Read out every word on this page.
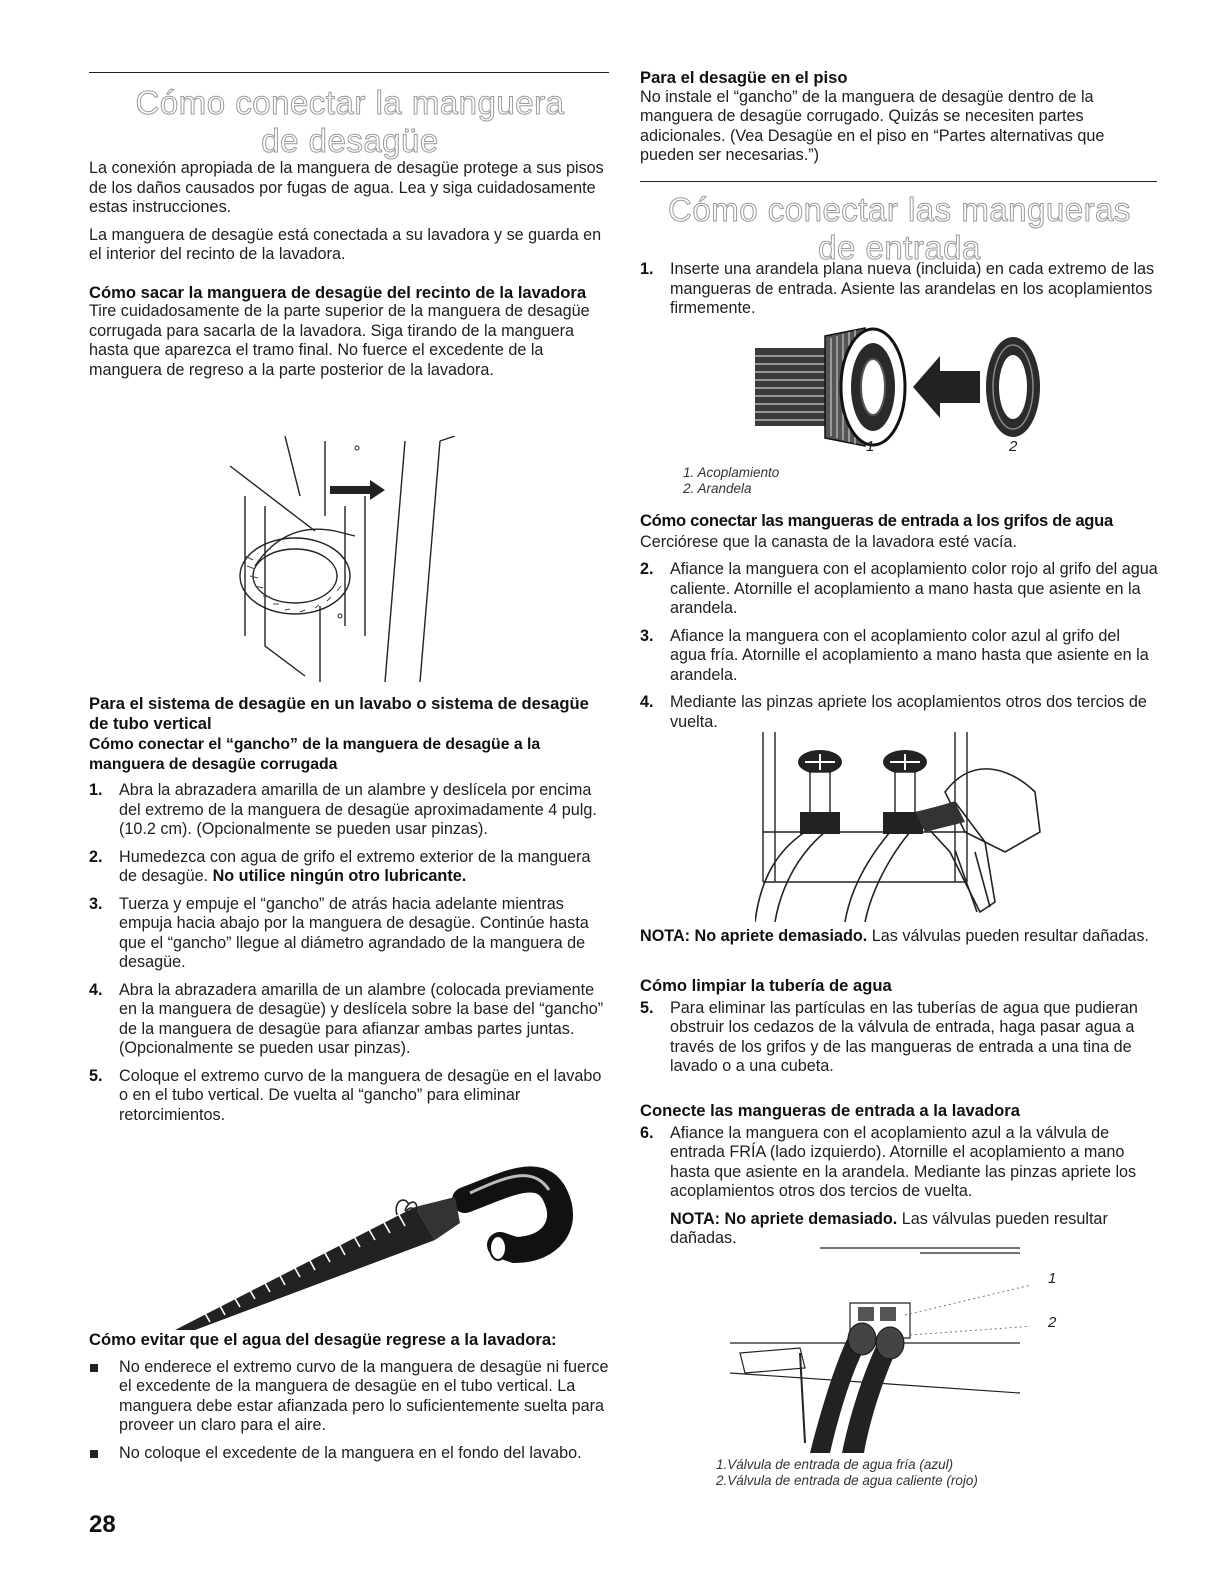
Cómo conectar la manguera
de desagüe

La conexión apropiada de la manguera de desagüe protege a sus pisos de los daños causados por fugas de agua. Lea y siga cuidadosamente estas instrucciones.

La manguera de desagüe está conectada a su lavadora y se guarda en el interior del recinto de la lavadora.

Cómo sacar la manguera de desagüe del recinto de la lavadora

Tire cuidadosamente de la parte superior de la manguera de desagüe corrugada para sacarla de la lavadora. Siga tirando de la manguera hasta que aparezca el tramo final. No fuerce el excedente de la manguera de regreso a la parte posterior de la lavadora.

Para el sistema de desagüe en un lavabo o sistema de desagüe de tubo vertical
Cómo conectar el “gancho” de la manguera de desagüe a la manguera de desagüe corrugada
1. Abra la abrazadera amarilla de un alambre y deslícela por encima del extremo de la manguera de desagüe aproximadamente 4 pulg. (10.2 cm). (Opcionalmente se pueden usar pinzas).
2. Humedezca con agua de grifo el extremo exterior de la manguera de desagüe. No utilice ningún otro lubricante.
3. Tuerza y empuje el “gancho” de atrás hacia adelante mientras empuja hacia abajo por la manguera de desagüe. Continúe hasta que el “gancho” llegue al diámetro agrandado de la manguera de desagüe.
4. Abra la abrazadera amarilla de un alambre (colocada previamente en la manguera de desagüe) y deslícela sobre la base del “gancho” de la manguera de desagüe para afianzar ambas partes juntas. (Opcionalmente se pueden usar pinzas).
5. Coloque el extremo curvo de la manguera de desagüe en el lavabo o en el tubo vertical. De vuelta al “gancho” para eliminar retorcimientos.
Cómo evitar que el agua del desagüe regrese a la lavadora:
No enderece el extremo curvo de la manguera de desagüe ni fuerce el excedente de la manguera de desagüe en el tubo vertical. La manguera debe estar afianzada pero lo suficientemente suelta para proveer un claro para el aire.
No coloque el excedente de la manguera en el fondo del lavabo.
28
Para el desagüe en el piso

No instale el “gancho” de la manguera de desagüe dentro de la manguera de desagüe corrugado. Quizás se necesiten partes adicionales. (Vea Desagüe en el piso en “Partes alternativas que pueden ser necesarias.”)

Cómo conectar las mangueras
de entrada
1. Inserte una arandela plana nueva (incluida) en cada extremo de las mangueras de entrada. Asiente las arandelas en los acoplamientos firmemente.
1	2

1. Acoplamiento

2. Arandela

Cómo conectar las mangueras de entrada a los grifos de agua

Cerciórese que la canasta de la lavadora esté vacía.

2. Afiance la manguera con el acoplamiento color rojo al grifo del agua caliente. Atornille el acoplamiento a mano hasta que asiente en la arandela.
3. Afiance la manguera con el acoplamiento color azul al grifo del agua fría. Atornille el acoplamiento a mano hasta que asiente en la arandela.
4. Mediante las pinzas apriete los acoplamientos otros dos tercios de vuelta.

NOTA: No apriete demasiado. Las válvulas pueden resultar dañadas.

Cómo limpiar la tubería de agua
5. Para eliminar las partículas en las tuberías de agua que pudieran obstruir los cedazos de la válvula de entrada, haga pasar agua a través de los grifos y de las mangueras de entrada a una tina de lavado o a una cubeta.
Conecte las mangueras de entrada a la lavadora
6. Afiance la manguera con el acoplamiento azul a la válvula de entrada FRÍA (lado izquierdo). Atornille el acoplamiento a mano hasta que asiente en la arandela. Mediante las pinzas apriete los acoplamientos otros dos tercios de vuelta.

NOTA: No apriete demasiado. Las válvulas pueden resultar dañadas.

1
2

1.Válvula de entrada de agua fría (azul)

2.Válvula de entrada de agua caliente (rojo)
